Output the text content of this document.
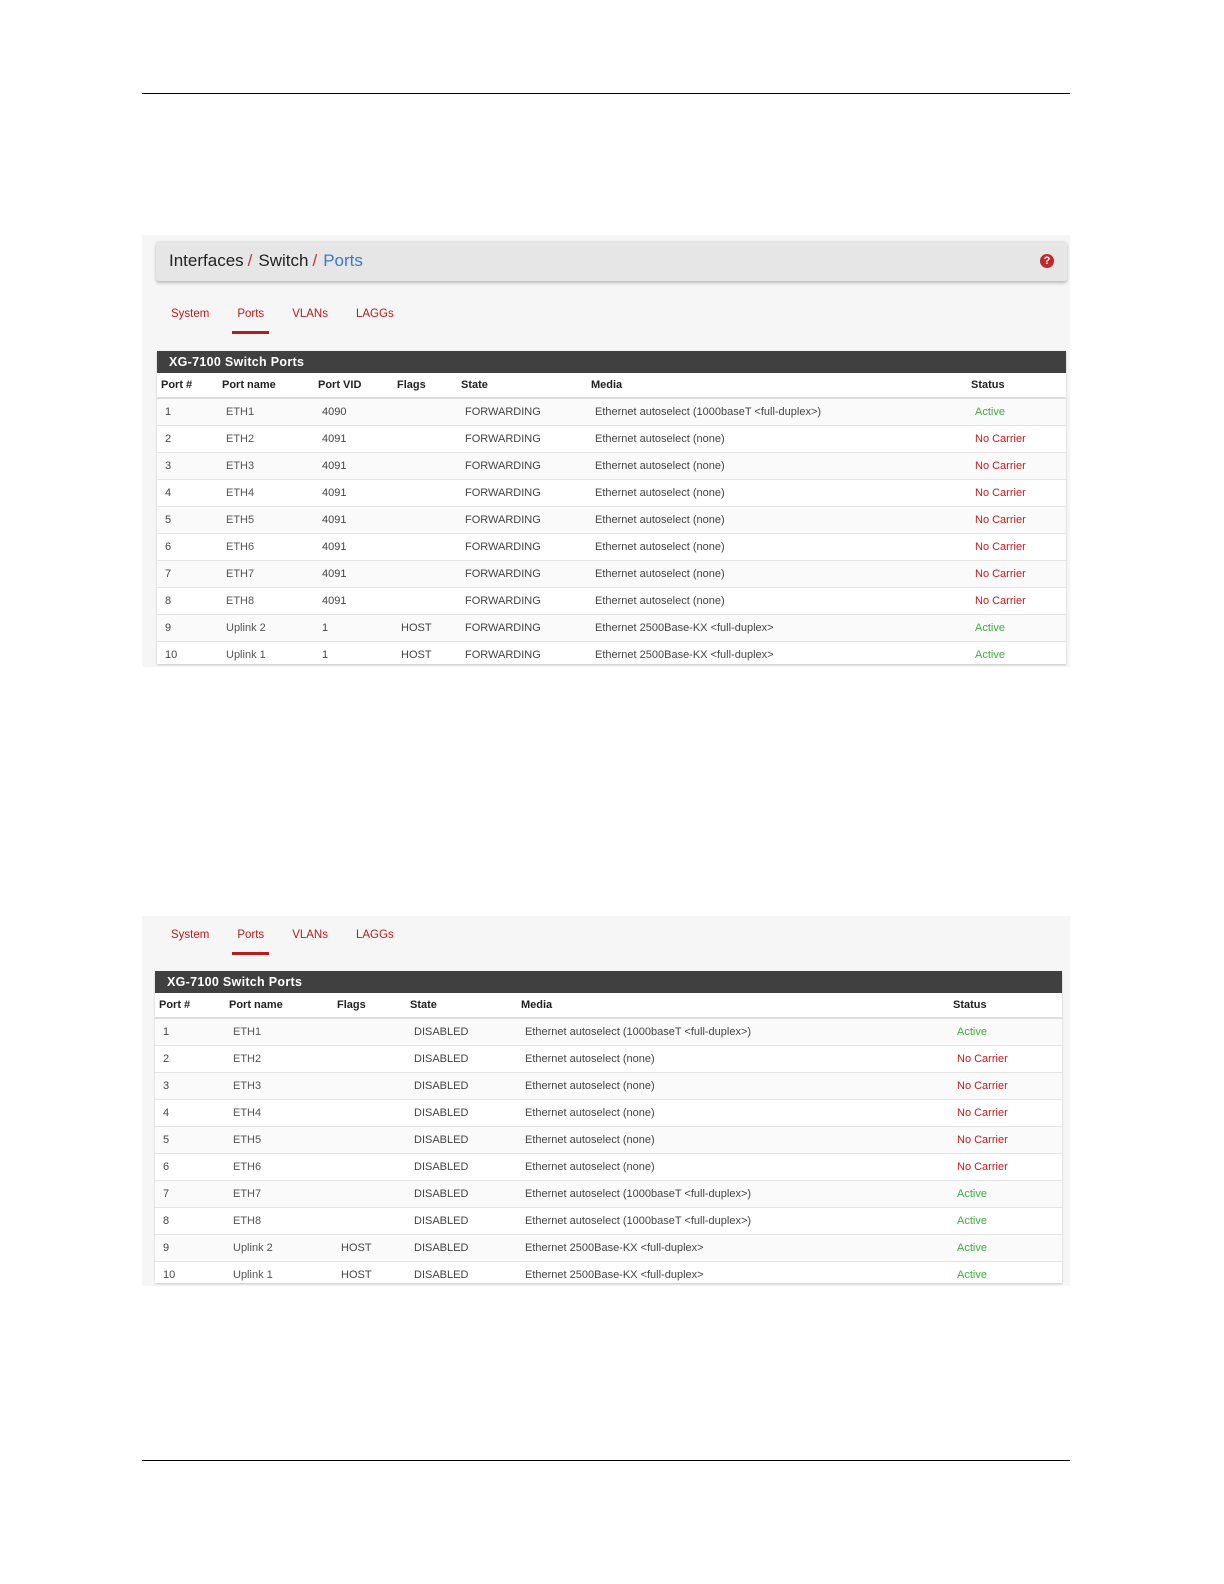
Interfaces / Switch / Ports	?
System	Ports	VLANs	LAGGs
XG-7100 Switch Ports
Port #	Port name	Port VID	Flags	State	Media	Status
1	ETH1	4090		FORWARDING	Ethernet autoselect (1000baseT <full-duplex>)	Active
2	ETH2	4091		FORWARDING	Ethernet autoselect (none)	No Carrier
3	ETH3	4091		FORWARDING	Ethernet autoselect (none)	No Carrier
4	ETH4	4091		FORWARDING	Ethernet autoselect (none)	No Carrier
5	ETH5	4091		FORWARDING	Ethernet autoselect (none)	No Carrier
6	ETH6	4091		FORWARDING	Ethernet autoselect (none)	No Carrier
7	ETH7	4091		FORWARDING	Ethernet autoselect (none)	No Carrier
8	ETH8	4091		FORWARDING	Ethernet autoselect (none)	No Carrier
9	Uplink 2	1	HOST	FORWARDING	Ethernet 2500Base-KX <full-duplex>	Active
10	Uplink 1	1	HOST	FORWARDING	Ethernet 2500Base-KX <full-duplex>	Active
System	Ports	VLANs	LAGGs
XG-7100 Switch Ports
Port #	Port name	Flags	State	Media	Status
1	ETH1		DISABLED	Ethernet autoselect (1000baseT <full-duplex>)	Active
2	ETH2		DISABLED	Ethernet autoselect (none)	No Carrier
3	ETH3		DISABLED	Ethernet autoselect (none)	No Carrier
4	ETH4		DISABLED	Ethernet autoselect (none)	No Carrier
5	ETH5		DISABLED	Ethernet autoselect (none)	No Carrier
6	ETH6		DISABLED	Ethernet autoselect (none)	No Carrier
7	ETH7		DISABLED	Ethernet autoselect (1000baseT <full-duplex>)	Active
8	ETH8		DISABLED	Ethernet autoselect (1000baseT <full-duplex>)	Active
9	Uplink 2	HOST	DISABLED	Ethernet 2500Base-KX <full-duplex>	Active
10	Uplink 1	HOST	DISABLED	Ethernet 2500Base-KX <full-duplex>	Active
